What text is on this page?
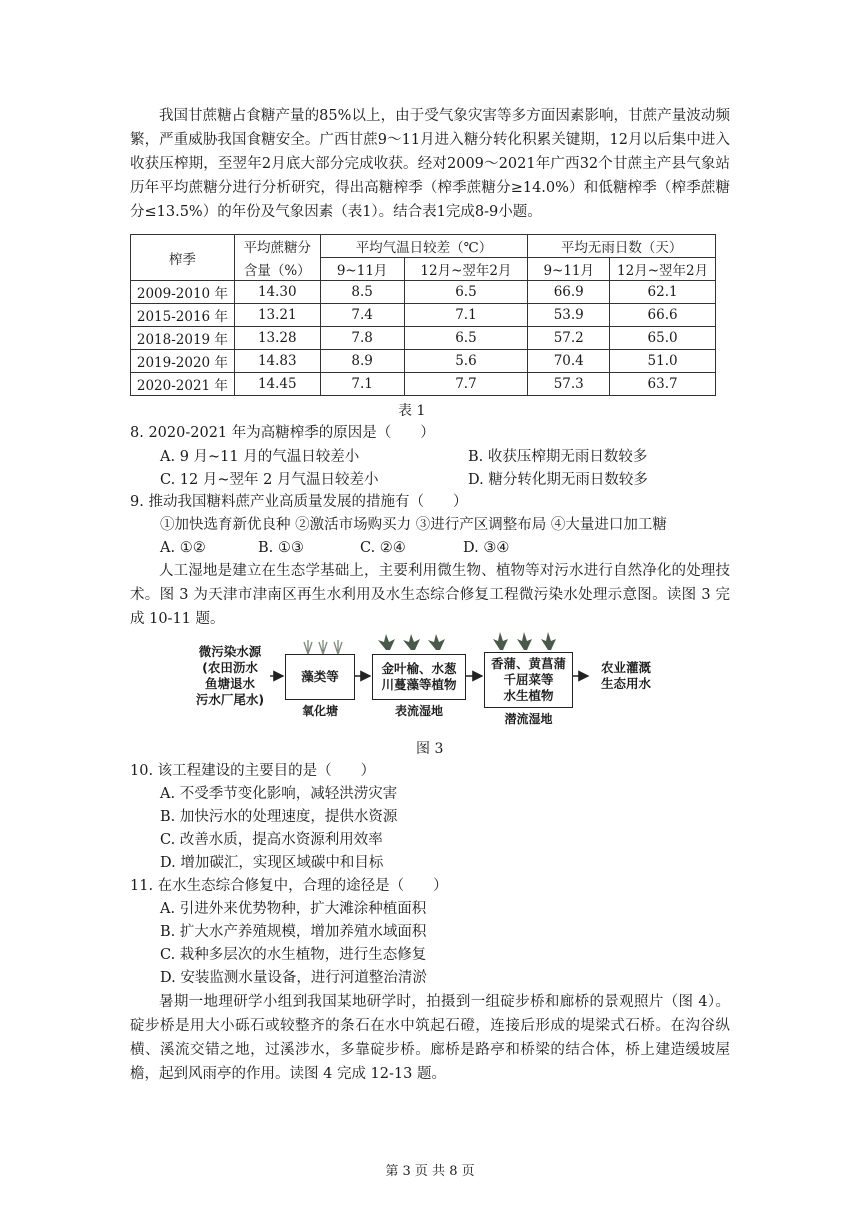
我国甘蔗糖占食糖产量的85%以上，由于受气象灾害等多方面因素影响，甘蔗产量波动频繁，严重威胁我国食糖安全。广西甘蔗9～11月进入糖分转化积累关键期，12月以后集中进入收获压榨期，至翌年2月底大部分完成收获。经对2009～2021年广西32个甘蔗主产县气象站历年平均蔗糖分进行分析研究，得出高糖榨季（榨季蔗糖分≥14.0%）和低糖榨季（榨季蔗糖分≤13.5%）的年份及气象因素（表1）。结合表1完成8-9小题。
榨季	平均蔗糖分	平均气温日较差（℃）		平均无雨日数（天）	
	含量（%）	9~11月	12月~翌年2月	9~11月	12月~翌年2月
2009-2010 年	14.30	8.5	6.5	66.9	62.1
2015-2016 年	13.21	7.4	7.1	53.9	66.6
2018-2019 年	13.28	7.8	6.5	57.2	65.0
2019-2020 年	14.83	8.9	5.6	70.4	51.0
2020-2021 年	14.45	7.1	7.7	57.3	63.7
表 1
8. 2020-2021 年为高糖榨季的原因是（　　）
A. 9 月~11 月的气温日较差小	B. 收获压榨期无雨日数较多
C. 12 月~翌年 2 月气温日较差小	D. 糖分转化期无雨日数较多
9. 推动我国糖料蔗产业高质量发展的措施有（　　）
①加快选育新优良种 ②激活市场购买力 ③进行产区调整布局 ④大量进口加工糖
A. ①②	B. ①③	C. ②④	D. ③④
人工湿地是建立在生态学基础上，主要利用微生物、植物等对污水进行自然净化的处理技术。图 3 为天津市津南区再生水利用及水生态综合修复工程微污染水处理示意图。读图 3 完成 10-11 题。
微污染水源
(农田沥水
鱼塘退水
污水厂尾水)
藻类等
氧化塘
金叶榆、水葱
川蔓藻等植物
表流湿地
香蒲、黄菖蒲
千屈菜等
水生植物
潜流湿地
农业灌溉
生态用水
图 3
10. 该工程建设的主要目的是（　　）
A. 不受季节变化影响，减轻洪涝灾害
B. 加快污水的处理速度，提供水资源
C. 改善水质，提高水资源利用效率
D. 增加碳汇，实现区域碳中和目标
11. 在水生态综合修复中，合理的途径是（　　）
A. 引进外来优势物种，扩大滩涂种植面积
B. 扩大水产养殖规模，增加养殖水域面积
C. 栽种多层次的水生植物，进行生态修复
D. 安装监测水量设备，进行河道整治清淤
暑期一地理研学小组到我国某地研学时，拍摄到一组碇步桥和廊桥的景观照片（图 4）。碇步桥是用大小砾石或较整齐的条石在水中筑起石磴，连接后形成的堤梁式石桥。在沟谷纵横、溪流交错之地，过溪涉水，多靠碇步桥。廊桥是路亭和桥梁的结合体，桥上建造缓坡屋檐，起到风雨亭的作用。读图 4 完成 12-13 题。
第 3 页 共 8 页
